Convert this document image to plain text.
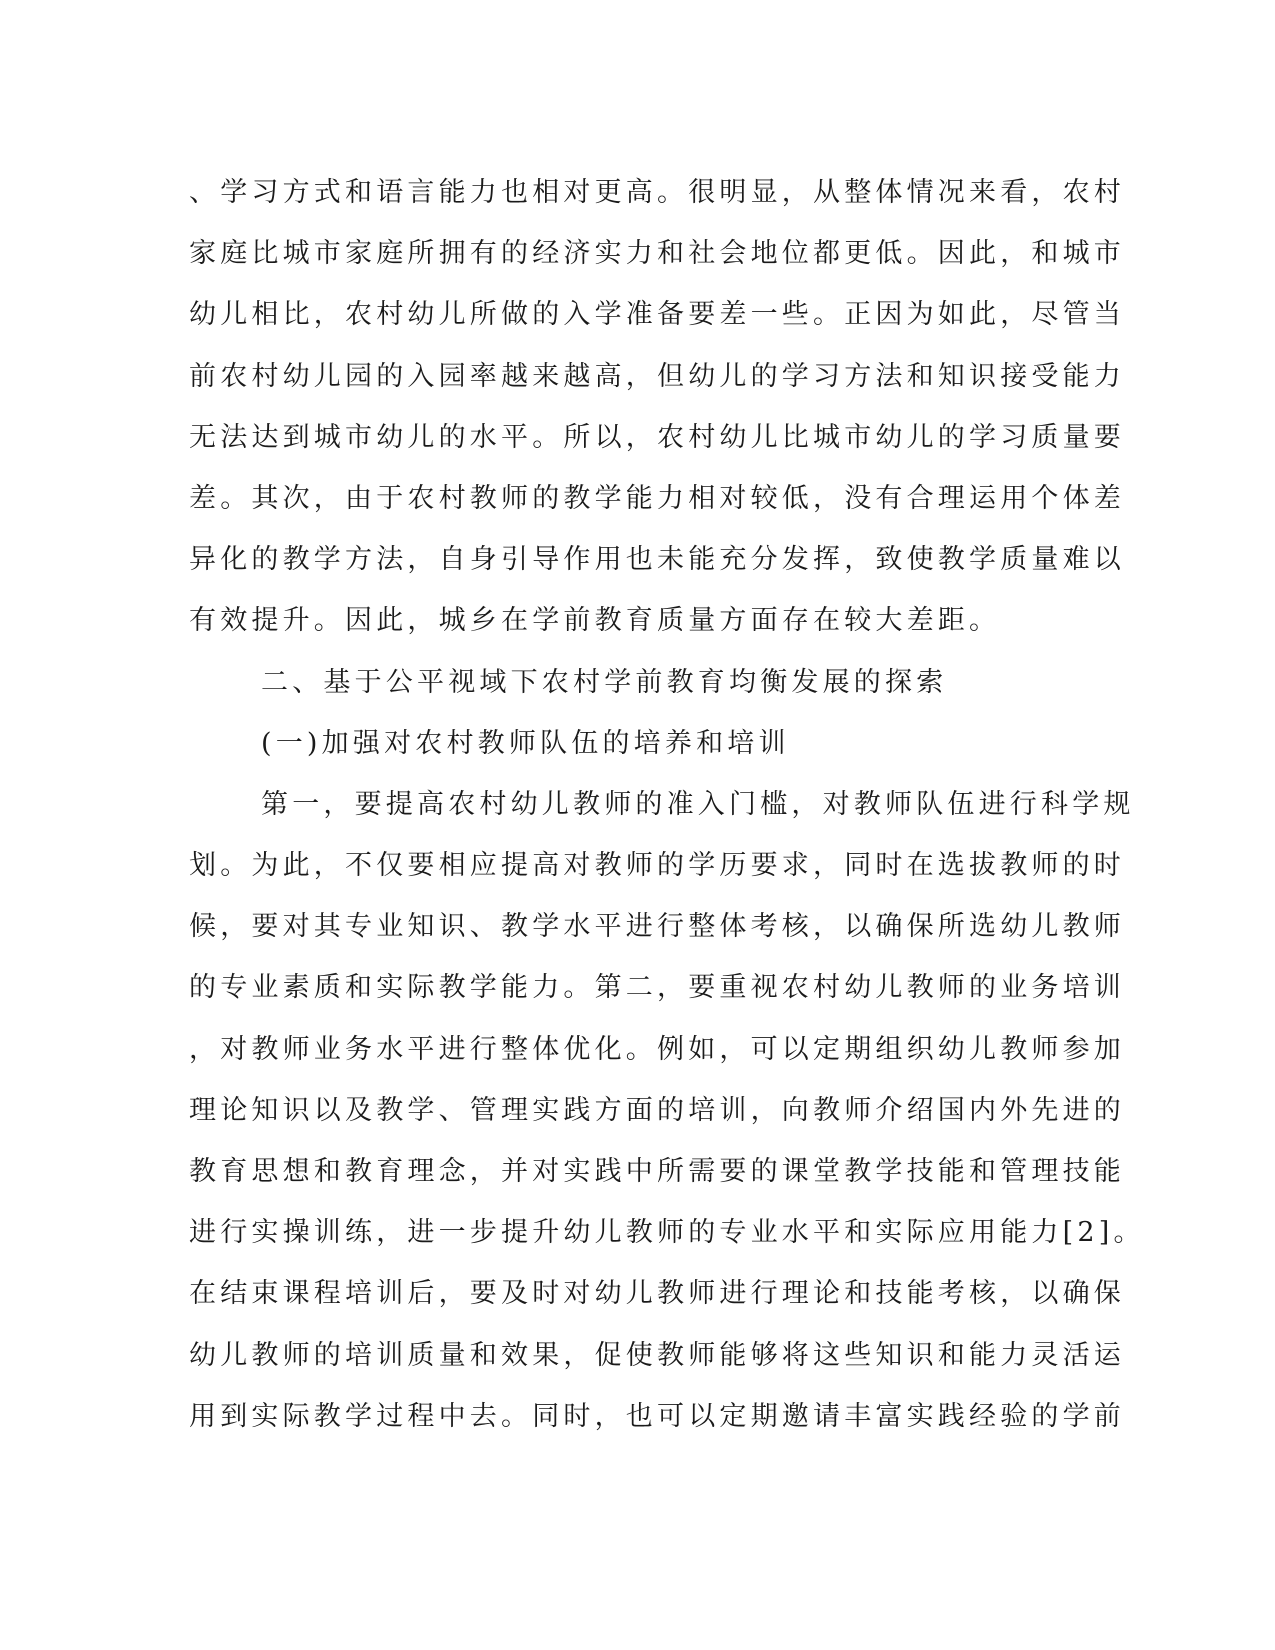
、学习方式和语言能力也相对更高。很明显，从整体情况来看，农村
家庭比城市家庭所拥有的经济实力和社会地位都更低。因此，和城市
幼儿相比，农村幼儿所做的入学准备要差一些。正因为如此，尽管当
前农村幼儿园的入园率越来越高，但幼儿的学习方法和知识接受能力
无法达到城市幼儿的水平。所以，农村幼儿比城市幼儿的学习质量要
差。其次，由于农村教师的教学能力相对较低，没有合理运用个体差
异化的教学方法，自身引导作用也未能充分发挥，致使教学质量难以
有效提升。因此，城乡在学前教育质量方面存在较大差距。
二、基于公平视域下农村学前教育均衡发展的探索
(一)加强对农村教师队伍的培养和培训
第一，要提高农村幼儿教师的准入门槛，对教师队伍进行科学规
划。为此，不仅要相应提高对教师的学历要求，同时在选拔教师的时
候，要对其专业知识、教学水平进行整体考核，以确保所选幼儿教师
的专业素质和实际教学能力。第二，要重视农村幼儿教师的业务培训
，对教师业务水平进行整体优化。例如，可以定期组织幼儿教师参加
理论知识以及教学、管理实践方面的培训，向教师介绍国内外先进的
教育思想和教育理念，并对实践中所需要的课堂教学技能和管理技能
进行实操训练，进一步提升幼儿教师的专业水平和实际应用能力[2]。
在结束课程培训后，要及时对幼儿教师进行理论和技能考核，以确保
幼儿教师的培训质量和效果，促使教师能够将这些知识和能力灵活运
用到实际教学过程中去。同时，也可以定期邀请丰富实践经验的学前
